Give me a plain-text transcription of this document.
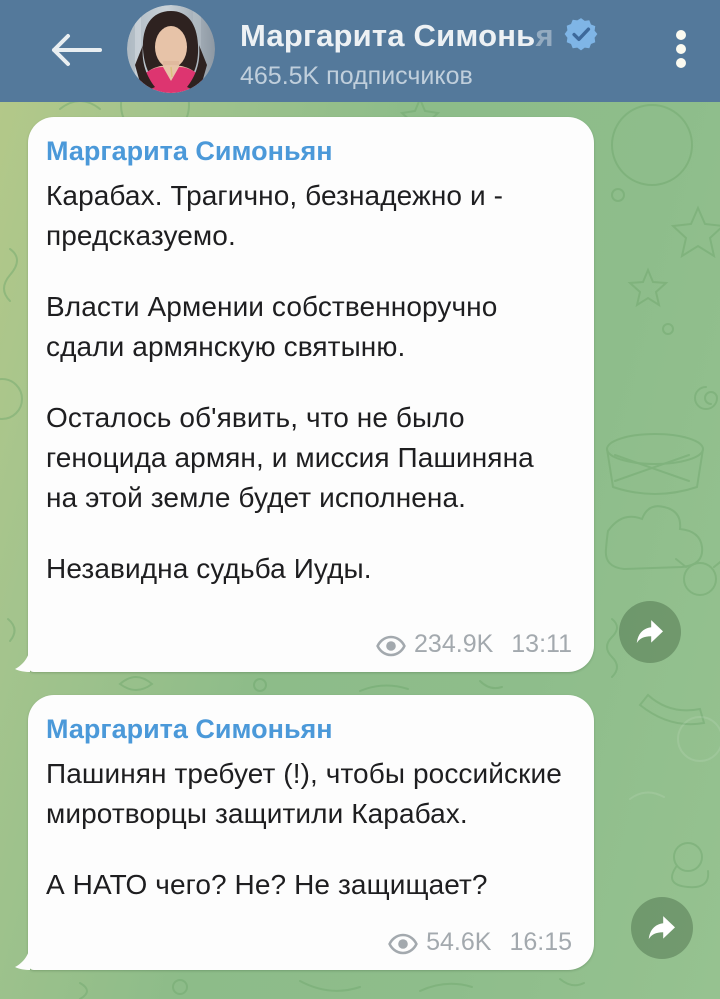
Маргарита Симонья
465.5K подписчиков
Маргарита Симоньян

Карабах. Трагично, безнадежно и - предсказуемо.

Власти Армении собственноручно сдали армянскую святыню.

Осталось об'явить, что не было геноцида армян, и миссия Пашиняна на этой земле будет исполнена.

Незавидна судьба Иуды.

234.9K 13:11
Маргарита Симоньян

Пашинян требует (!), чтобы российские миротворцы защитили Карабах.

А НАТО чего? Не? Не защищает?

54.6K 16:15
